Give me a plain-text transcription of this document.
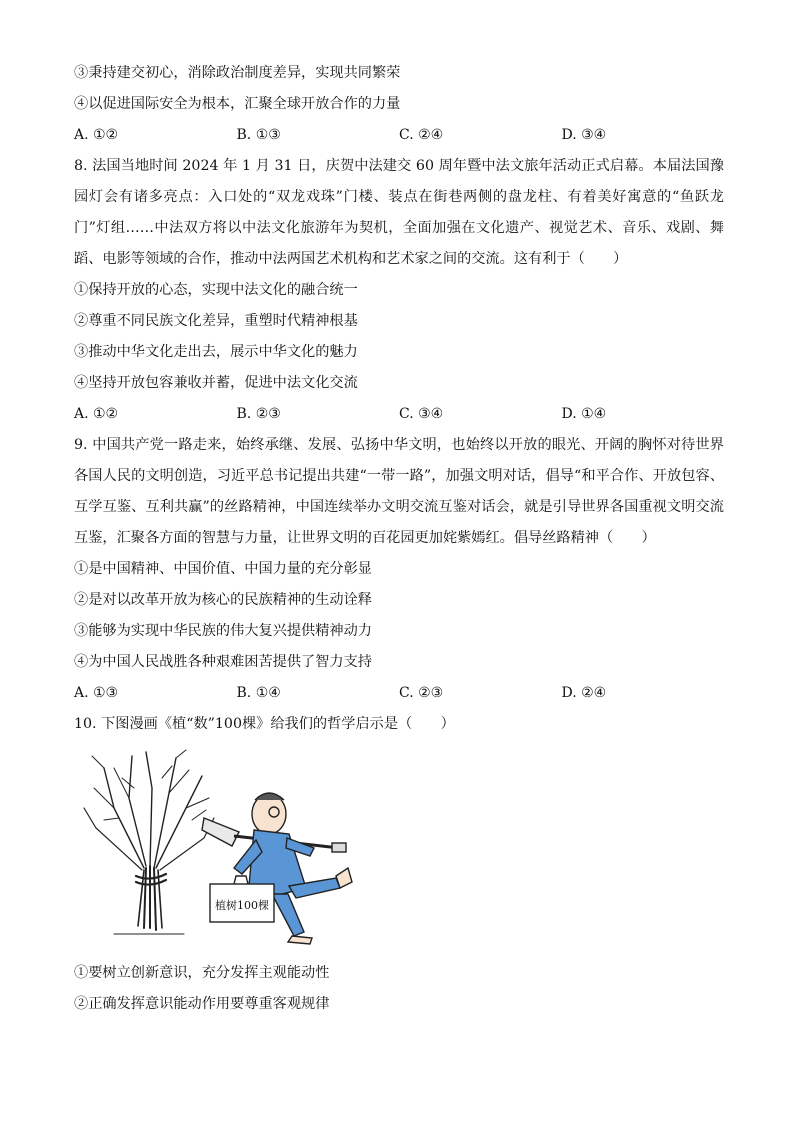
③秉持建交初心，消除政治制度差异，实现共同繁荣
④以促进国际安全为根本，汇聚全球开放合作的力量
A. ①②	B. ①③	C. ②④	D. ③④
8. 法国当地时间 2024 年 1 月 31 日，庆贺中法建交 60 周年暨中法文旅年活动正式启幕。本届法国豫园灯会有诸多亮点：入口处的“双龙戏珠”门楼、装点在街巷两侧的盘龙柱、有着美好寓意的“鱼跃龙门”灯组……中法双方将以中法文化旅游年为契机，全面加强在文化遗产、视觉艺术、音乐、戏剧、舞蹈、电影等领域的合作，推动中法两国艺术机构和艺术家之间的交流。这有利于（　　）
①保持开放的心态，实现中法文化的融合统一
②尊重不同民族文化差异，重塑时代精神根基
③推动中华文化走出去，展示中华文化的魅力
④坚持开放包容兼收并蓄，促进中法文化交流
A. ①②	B. ②③	C. ③④	D. ①④
9. 中国共产党一路走来，始终承继、发展、弘扬中华文明，也始终以开放的眼光、开阔的胸怀对待世界各国人民的文明创造，习近平总书记提出共建“一带一路”，加强文明对话，倡导“和平合作、开放包容、互学互鉴、互利共赢”的丝路精神，中国连续举办文明交流互鉴对话会，就是引导世界各国重视文明交流互鉴，汇聚各方面的智慧与力量，让世界文明的百花园更加姹紫嫣红。倡导丝路精神（　　）
①是中国精神、中国价值、中国力量的充分彰显
②是对以改革开放为核心的民族精神的生动诠释
③能够为实现中华民族的伟大复兴提供精神动力
④为中国人民战胜各种艰难困苦提供了智力支持
A. ①③	B. ①④	C. ②③	D. ②④
10. 下图漫画《植“数”100棵》给我们的哲学启示是（　　）
植树100棵
①要树立创新意识，充分发挥主观能动性
②正确发挥意识能动作用要尊重客观规律
